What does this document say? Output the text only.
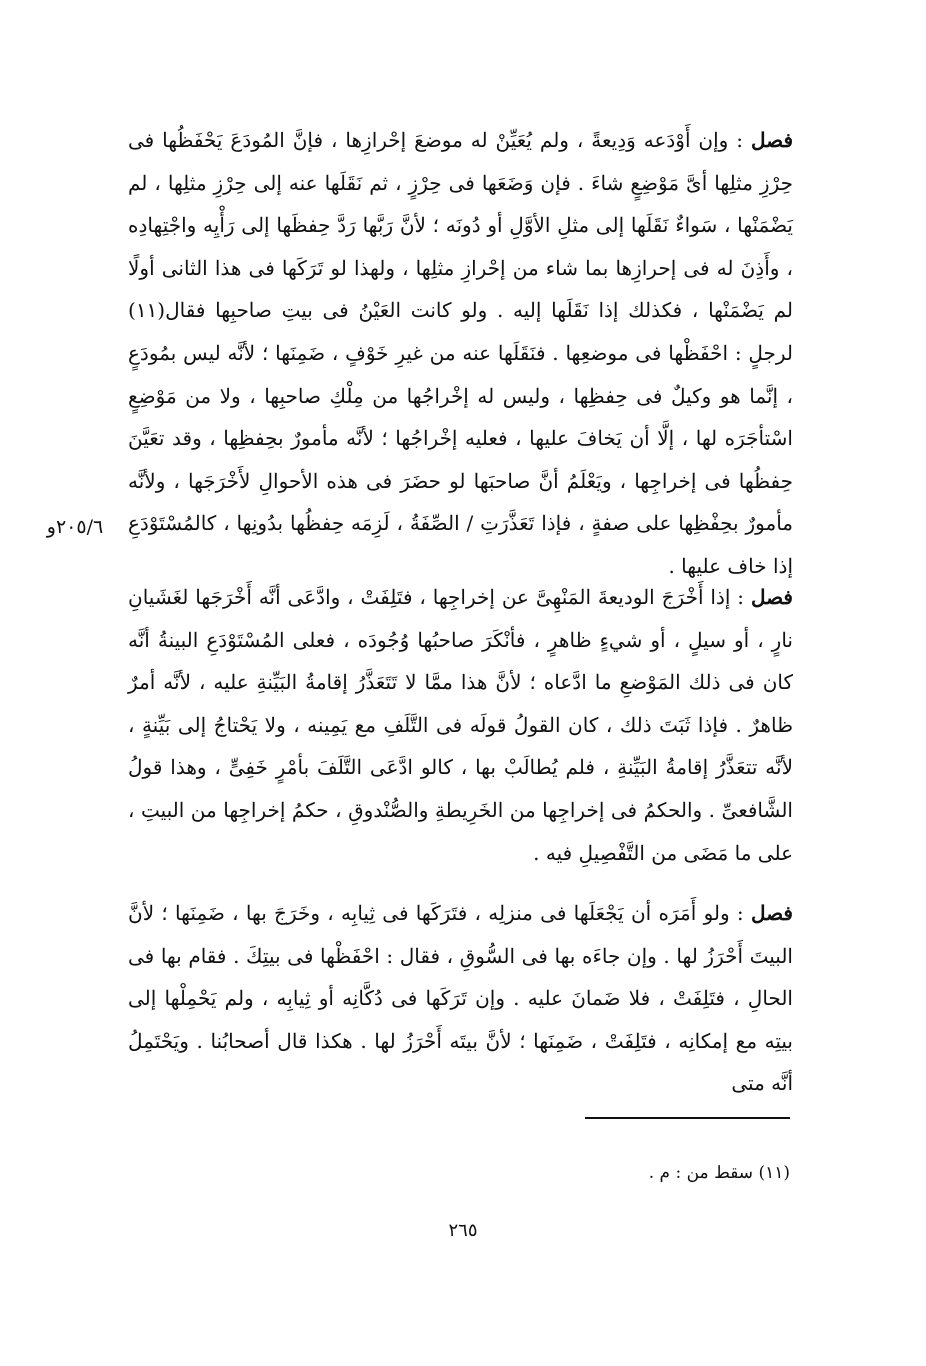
فصل : وإن أَوْدَعه وَدِيعةً ، ولم يُعَيِّنْ له موضعَ إحْرازِها ، فإنَّ المُودَعَ يَحْفَظُها فى حِرْزِ مثلِها أىَّ مَوْضِعٍ شاءَ . فإن وَضَعَها فى حِرْزٍ ، ثم نَقَلَها عنه إلى حِرْزِ مثلِها ، لم يَضْمَنْها ، سَواءٌ نَقَلَها إلى مثلِ الأوَّلِ أو دُونَه ؛ لأنَّ رَبَّها رَدَّ حِفظَها إلى رَأْيِه واجْتِهادِه ، وأَذِنَ له فى إحرازِها بما شاء من إحْرازِ مثلِها ، ولهذا لو تَرَكَها فى هذا الثانى أولًا لم يَضْمَنْها ، فكذلك إذا نَقَلَها إليه . ولو كانت العَيْنُ فى بيتِ صاحبِها فقال(١١) لرجلٍ : احْفَظْها فى موضعِها . فنَقَلَها عنه من غيرِ خَوْفٍ ، ضَمِنَها ؛ لأنَّه ليس بمُودَعٍ ، إنَّما هو وكيلٌ فى حِفظِها ، وليس له إخْراجُها من مِلْكِ صاحبِها ، ولا من مَوْضِعٍ اسْتأجَرَه لها ، إلَّا أن يَخافَ عليها ، فعليه إخْراجُها ؛ لأنَّه مأمورٌ بحِفظِها ، وقد تعَيَّنَ حِفظُها فى إخراجِها ، ويَعْلَمُ أنَّ صاحبَها لو حضَرَ فى هذه الأحوالِ لأَخْرَجَها ، ولأنَّه مأمورٌ بحِفْظِها على صفةٍ ، فإذا تَعَذَّرَتِ / الصِّفَةُ ، لَزِمَه حِفظُها بدُونِها ، كالمُسْتَوْدَعِ إذا خاف عليها .

٢٠٥/٦و

فصل : إذا أَخْرَجَ الوديعةَ المَنْهِىَّ عن إخراجِها ، فتَلِفَتْ ، وادَّعَى أنَّه أَخْرَجَها لغَشَيانِ نارٍ ، أو سيلٍ ، أو شيءٍ ظاهرٍ ، فأنْكَرَ صاحبُها وُجُودَه ، فعلى المُسْتَوْدَعِ البينةُ أنَّه كان فى ذلك المَوْضعِ ما ادَّعاه ؛ لأنَّ هذا ممَّا لا تَتَعَذَّرُ إقامةُ البَيِّنةِ عليه ، لأنَّه أمرٌ ظاهرٌ . فإذا ثَبَتَ ذلك ، كان القولُ قولَه فى التَّلَفِ مع يَمِينه ، ولا يَحْتاجُ إلى بَيِّنةٍ ، لأنَّه تتعَذَّرُ إقامةُ البَيِّنةِ ، فلم يُطالَبْ بها ، كالو ادَّعَى التَّلَفَ بأمْرٍ خَفِىٍّ ، وهذا قولُ الشَّافعىِّ . والحكمُ فى إخراجِها من الخَرِيطةِ والصُّنْدوقِ ، حكمُ إخراجِها من البيتِ ، على ما مَضَى من التَّفْصِيلِ فيه .

فصل : ولو أَمَرَه أن يَجْعَلَها فى منزلِه ، فتَرَكَها فى ثِيابِه ، وخَرَجَ بها ، ضَمِنَها ؛ لأنَّ البيتَ أَحْرَزُ لها . وإن جاءَه بها فى السُّوقِ ، فقال : احْفَظْها فى بيتِكَ . فقام بها فى الحالِ ، فتَلِفَتْ ، فلا ضَمانَ عليه . وإن تَرَكَها فى دُكَّانِه أو ثِيابِه ، ولم يَحْمِلْها إلى بيتِه مع إمكانِه ، فتَلِفَتْ ، ضَمِنَها ؛ لأنَّ بيتَه أَحْرَزُ لها . هكذا قال أصحابُنا . ويَحْتَمِلُ أنَّه متى

(١١) سقط من : م .
٢٦٥
